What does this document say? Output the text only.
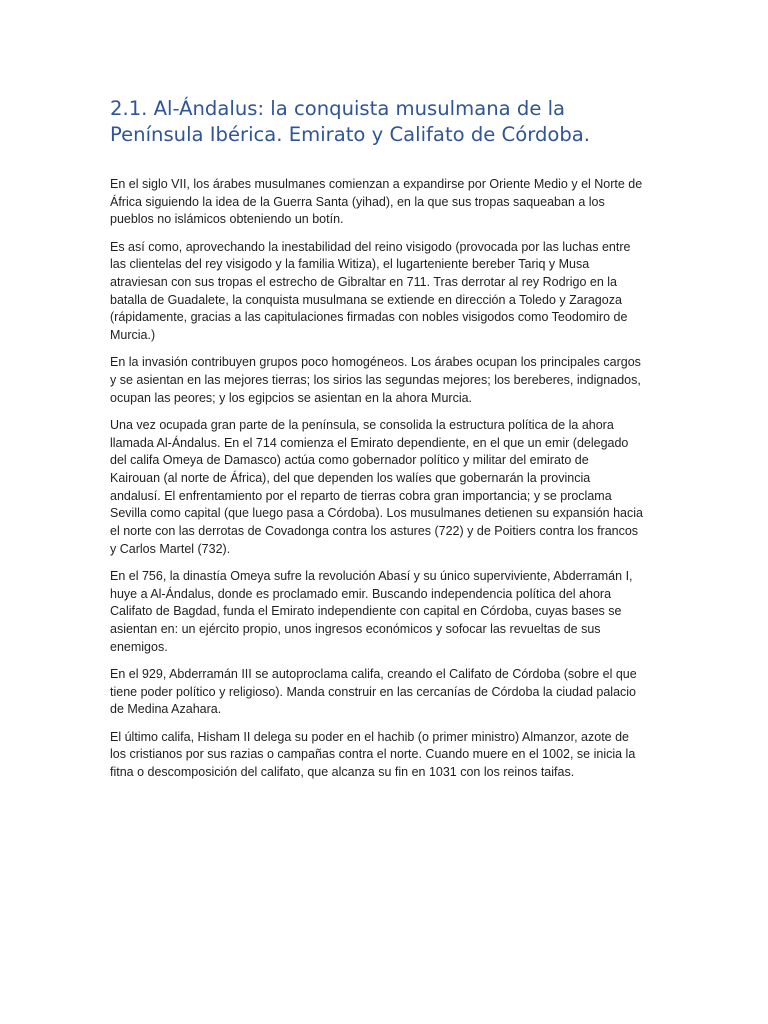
2.1. Al-Ándalus: la conquista musulmana de la
Península Ibérica. Emirato y Califato de Córdoba.

En el siglo VII, los árabes musulmanes comienzan a expandirse por Oriente Medio y el Norte de
África siguiendo la idea de la Guerra Santa (yihad), en la que sus tropas saqueaban a los
pueblos no islámicos obteniendo un botín.

Es así como, aprovechando la inestabilidad del reino visigodo (provocada por las luchas entre
las clientelas del rey visigodo y la familia Witiza), el lugarteniente bereber Tariq y Musa
atraviesan con sus tropas el estrecho de Gibraltar en 711. Tras derrotar al rey Rodrigo en la
batalla de Guadalete, la conquista musulmana se extiende en dirección a Toledo y Zaragoza
(rápidamente, gracias a las capitulaciones firmadas con nobles visigodos como Teodomiro de
Murcia.)

En la invasión contribuyen grupos poco homogéneos. Los árabes ocupan los principales cargos
y se asientan en las mejores tierras; los sirios las segundas mejores; los bereberes, indignados,
ocupan las peores; y los egipcios se asientan en la ahora Murcia.

Una vez ocupada gran parte de la península, se consolida la estructura política de la ahora
llamada Al-Ándalus. En el 714 comienza el Emirato dependiente, en el que un emir (delegado
del califa Omeya de Damasco) actúa como gobernador político y militar del emirato de
Kairouan (al norte de África), del que dependen los walíes que gobernarán la provincia
andalusí. El enfrentamiento por el reparto de tierras cobra gran importancia; y se proclama
Sevilla como capital (que luego pasa a Córdoba). Los musulmanes detienen su expansión hacia
el norte con las derrotas de Covadonga contra los astures (722) y de Poitiers contra los francos
y Carlos Martel (732).

En el 756, la dinastía Omeya sufre la revolución Abasí y su único superviviente, Abderramán I,
huye a Al-Ándalus, donde es proclamado emir. Buscando independencia política del ahora
Califato de Bagdad, funda el Emirato independiente con capital en Córdoba, cuyas bases se
asientan en: un ejército propio, unos ingresos económicos y sofocar las revueltas de sus
enemigos.

En el 929, Abderramán III se autoproclama califa, creando el Califato de Córdoba (sobre el que
tiene poder político y religioso). Manda construir en las cercanías de Córdoba la ciudad palacio
de Medina Azahara.

El último califa, Hisham II delega su poder en el hachib (o primer ministro) Almanzor, azote de
los cristianos por sus razias o campañas contra el norte. Cuando muere en el 1002, se inicia la
fitna o descomposición del califato, que alcanza su fin en 1031 con los reinos taifas.
